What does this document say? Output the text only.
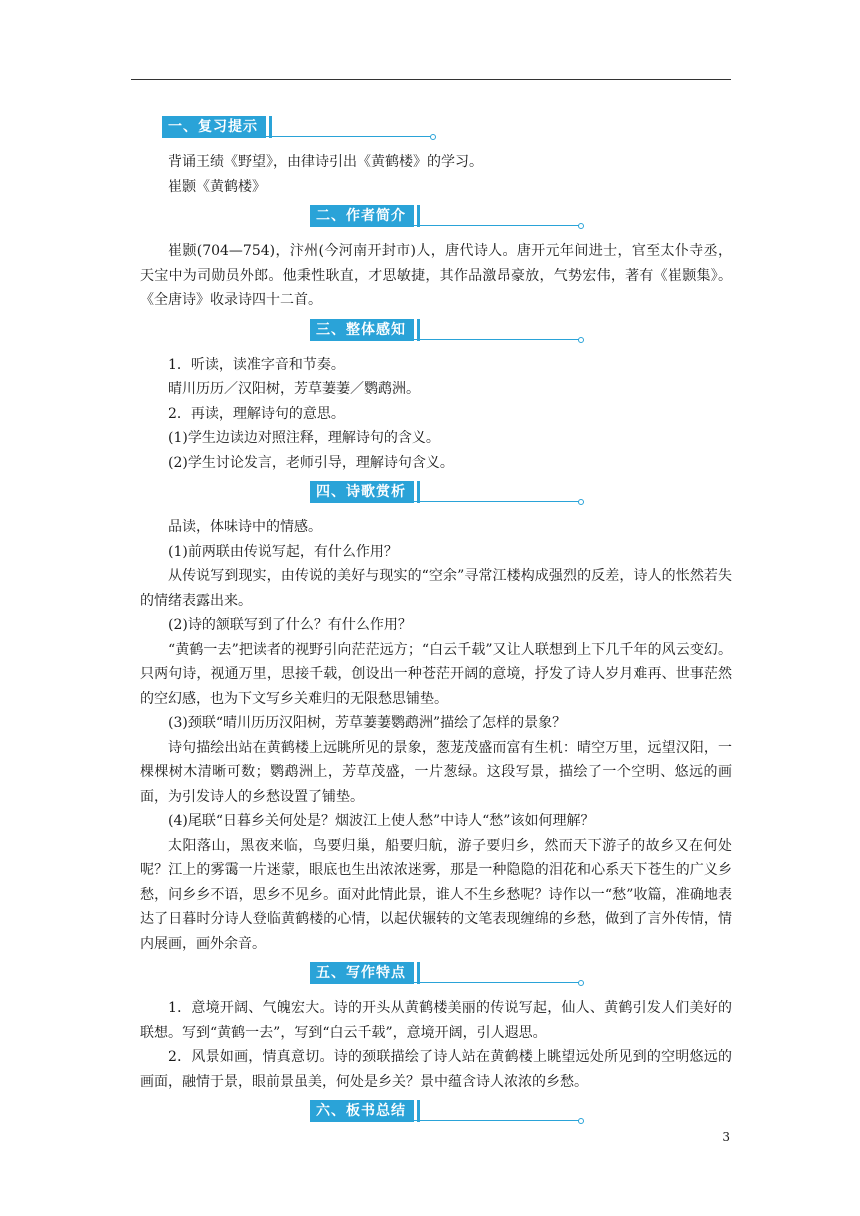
一、复习提示

背诵王绩《野望》，由律诗引出《黄鹤楼》的学习。

崔颢《黄鹤楼》

二、作者简介

崔颢(704—754)，汴州(今河南开封市)人，唐代诗人。唐开元年间进士，官至太仆寺丞，天宝中为司勋员外郎。他秉性耿直，才思敏捷，其作品激昂豪放，气势宏伟，著有《崔颢集》。《全唐诗》收录诗四十二首。

三、整体感知

1．听读，读准字音和节奏。

晴川历历／汉阳树，芳草萋萋／鹦鹉洲。

2．再读，理解诗句的意思。

(1)学生边读边对照注释，理解诗句的含义。

(2)学生讨论发言，老师引导，理解诗句含义。

四、诗歌赏析

品读，体味诗中的情感。

(1)前两联由传说写起，有什么作用？

从传说写到现实，由传说的美好与现实的“空余”寻常江楼构成强烈的反差，诗人的怅然若失的情绪表露出来。

(2)诗的颔联写到了什么？有什么作用？

“黄鹤一去”把读者的视野引向茫茫远方；“白云千载”又让人联想到上下几千年的风云变幻。只两句诗，视通万里，思接千载，创设出一种苍茫开阔的意境，抒发了诗人岁月难再、世事茫然的空幻感，也为下文写乡关难归的无限愁思铺垫。

(3)颈联“晴川历历汉阳树，芳草萋萋鹦鹉洲”描绘了怎样的景象？

诗句描绘出站在黄鹤楼上远眺所见的景象，葱茏茂盛而富有生机：晴空万里，远望汉阳，一棵棵树木清晰可数；鹦鹉洲上，芳草茂盛，一片葱绿。这段写景，描绘了一个空明、悠远的画面，为引发诗人的乡愁设置了铺垫。

(4)尾联“日暮乡关何处是？烟波江上使人愁”中诗人“愁”该如何理解？

太阳落山，黑夜来临，鸟要归巢，船要归航，游子要归乡，然而天下游子的故乡又在何处呢？江上的雾霭一片迷蒙，眼底也生出浓浓迷雾，那是一种隐隐的泪花和心系天下苍生的广义乡愁，问乡乡不语，思乡不见乡。面对此情此景，谁人不生乡愁呢？诗作以一“愁”收篇，准确地表达了日暮时分诗人登临黄鹤楼的心情，以起伏辗转的文笔表现缠绵的乡愁，做到了言外传情，情内展画，画外余音。

五、写作特点

1．意境开阔、气魄宏大。诗的开头从黄鹤楼美丽的传说写起，仙人、黄鹤引发人们美好的联想。写到“黄鹤一去”，写到“白云千载”，意境开阔，引人遐思。

2．风景如画，情真意切。诗的颈联描绘了诗人站在黄鹤楼上眺望远处所见到的空明悠远的画面，融情于景，眼前景虽美，何处是乡关？景中蕴含诗人浓浓的乡愁。

六、板书总结
3
